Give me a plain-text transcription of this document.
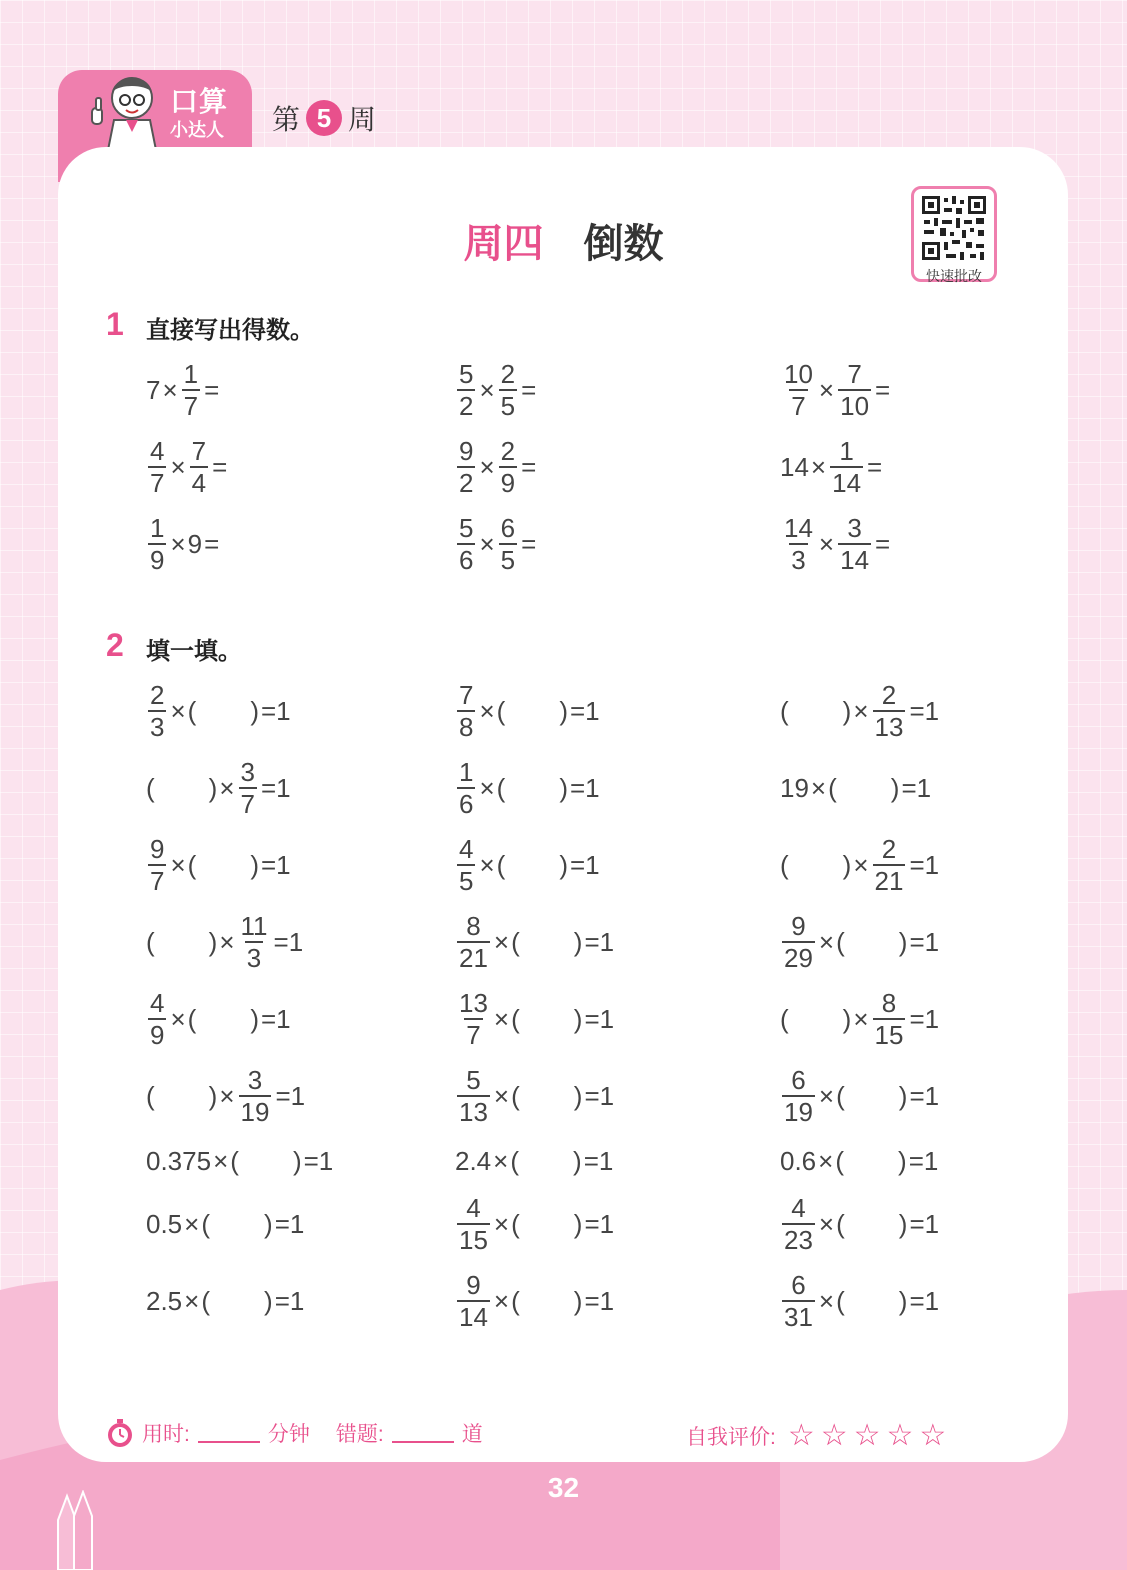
口算
小达人 第 5 周
周四 倒数
快速批改
1 直接写出得数。
2 填一填。
$7 \times \frac{1}{7}$ =	$\frac{5}{2} \times \frac{2}{5}$ =	$\frac{10}{7} \times \frac{7}{10}$ =
$\frac{4}{7} \times \frac{7}{4}$ =	$\frac{9}{2} \times \frac{2}{9}$ =	$14 \times \frac{1}{14}$ =
$\frac{1}{9} \times 9$ =	$\frac{5}{6} \times \frac{6}{5}$ =	$\frac{14}{3} \times \frac{3}{14}$ =
$\frac{2}{3}$ × ( ) =1	$\frac{7}{8}$ × ( ) =1	( ) × $\frac{2}{13} =1$
( ) × $\frac{3}{7} =1$	$\frac{1}{6}$ × ( ) =1	19 × ( ) =1
$\frac{9}{7}$ × ( ) =1	$\frac{4}{5}$ × ( ) =1	( ) × $\frac{2}{21} =1$
( ) × $\frac{11}{3} =1$	$\frac{8}{21}$ × ( ) =1	$\frac{9}{29}$ × ( ) =1
$\frac{4}{9}$ × ( ) =1	$\frac{13}{7}$ × ( ) =1	( ) × $\frac{8}{15} =1$
( ) × $\frac{3}{19} =1$	$\frac{5}{13}$ × ( ) =1	$\frac{6}{19}$ × ( ) =1
0.375 × ( ) =1	2.4 × ( ) =1	0.6 × ( ) =1
0.5 × ( ) =1	$\frac{4}{15}$ × ( ) =1	$\frac{4}{23}$ × ( ) =1
2.5 × ( ) =1	$\frac{9}{14}$ × ( ) =1	$\frac{6}{31}$ × ( ) =1
用时:	分钟 错题:	道	自我评价: ☆☆☆☆☆
32
